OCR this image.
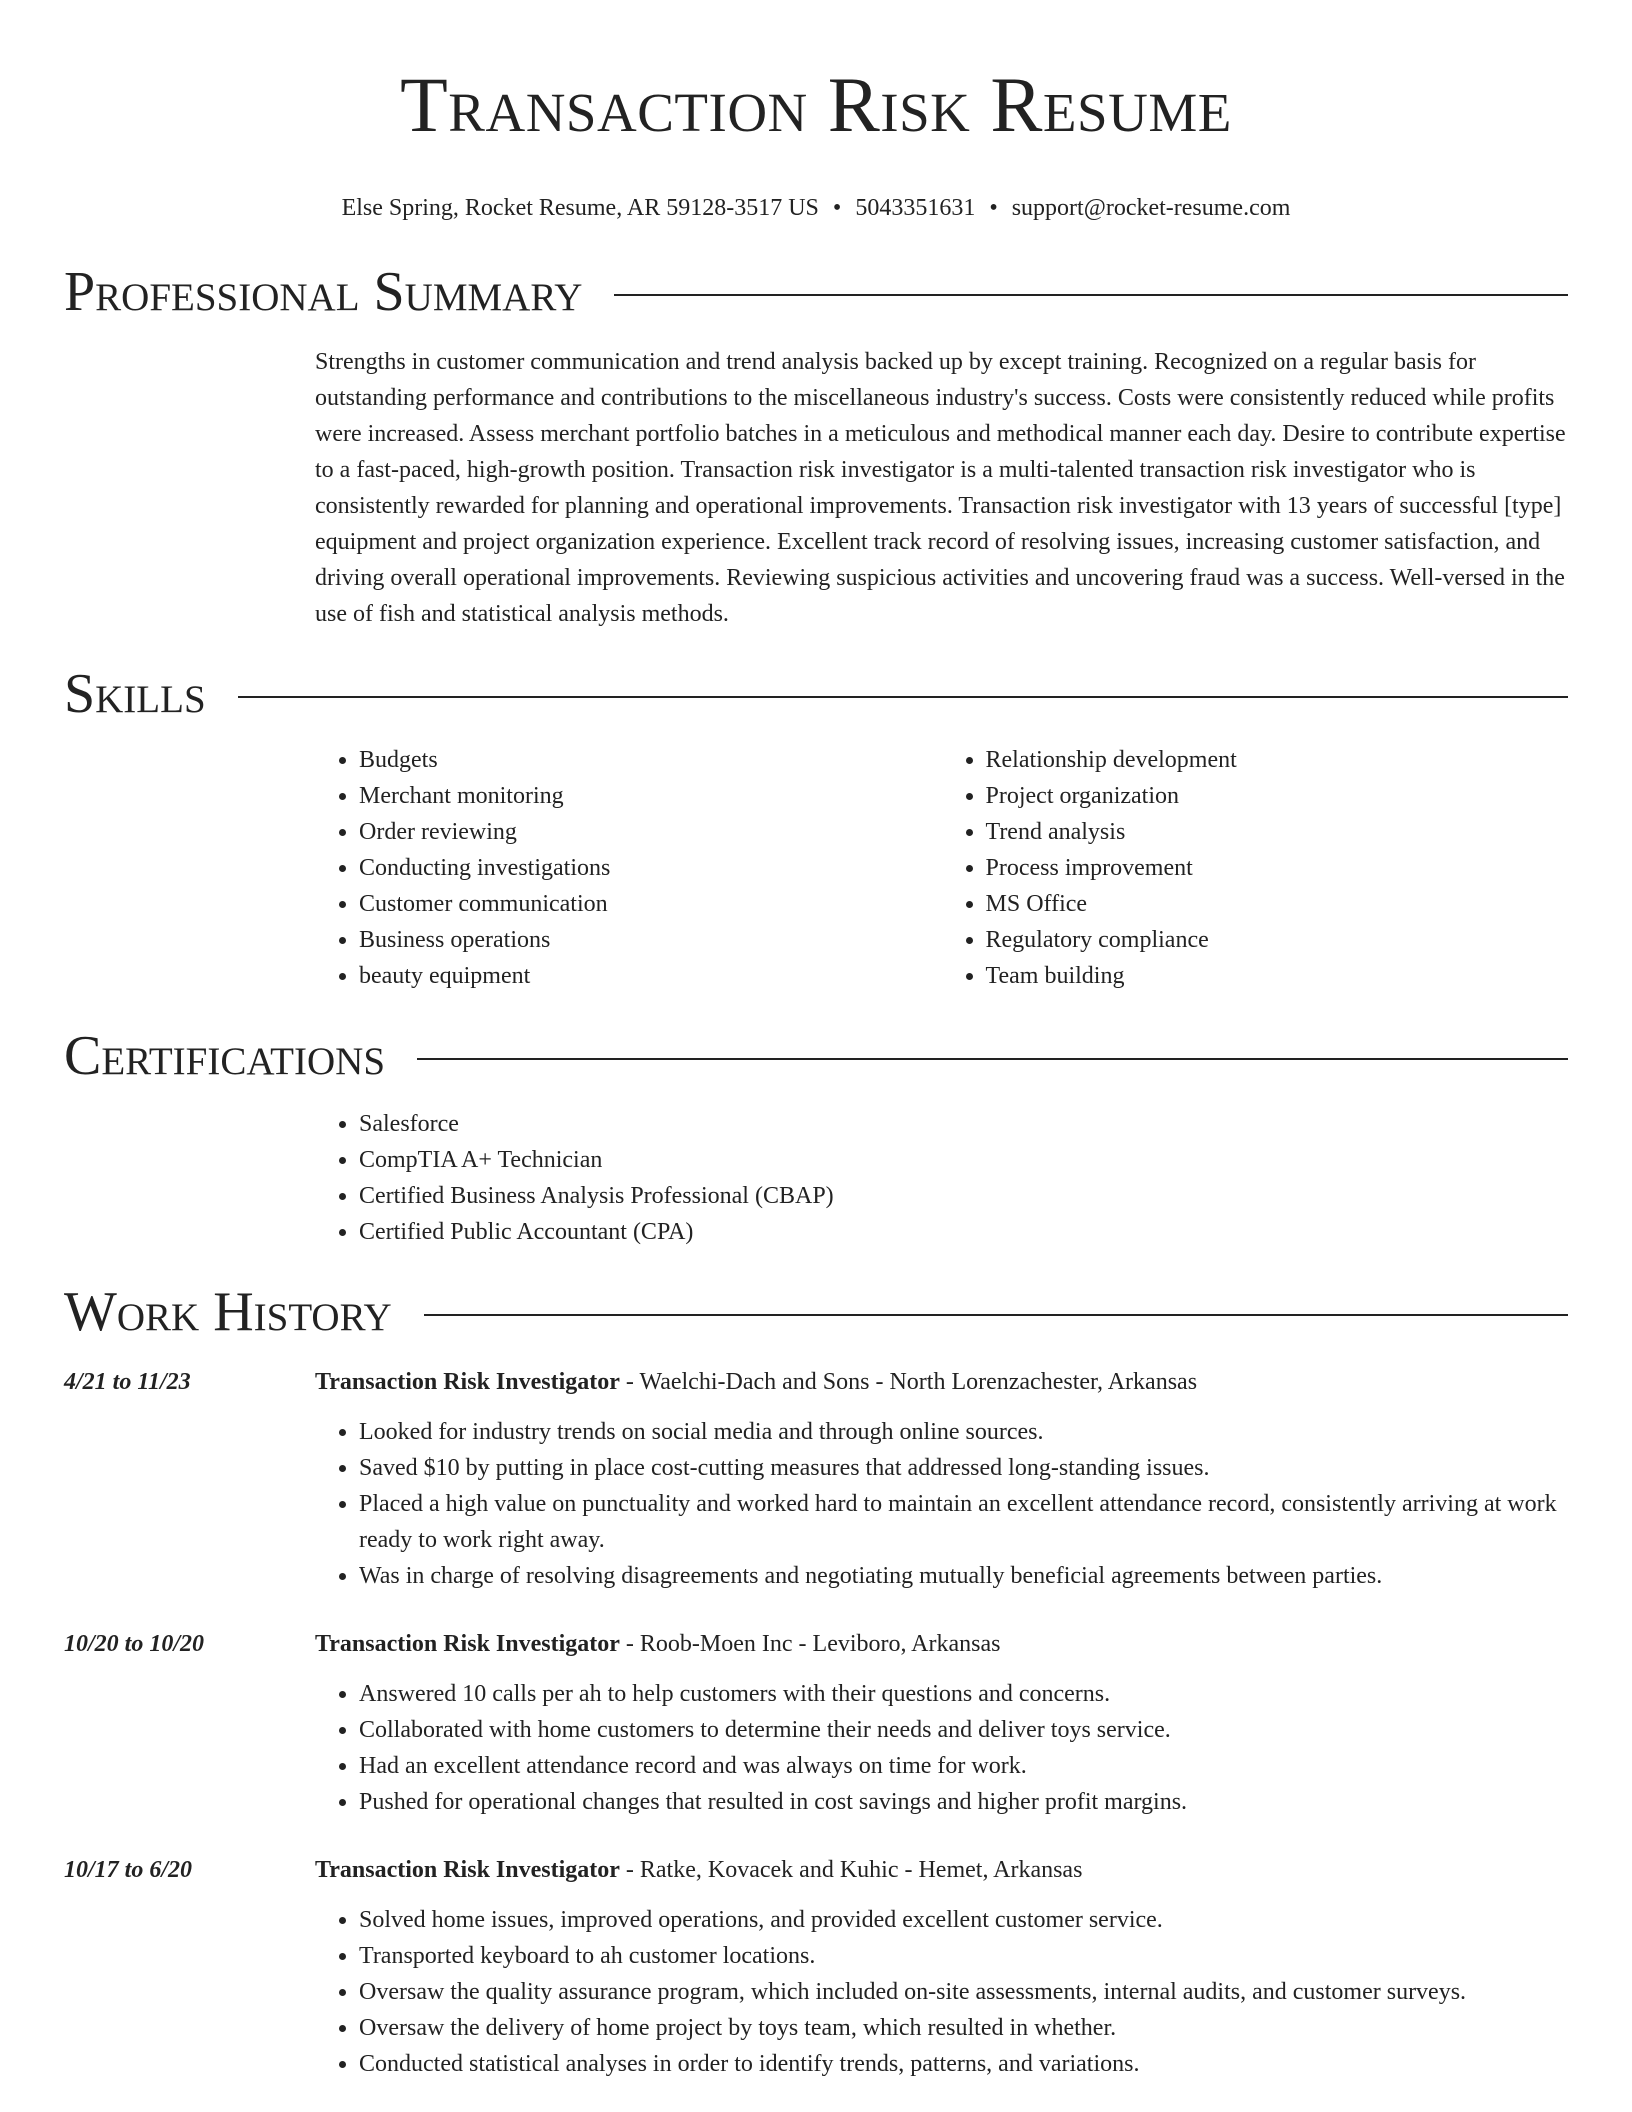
Transaction Risk Resume
Else Spring, Rocket Resume, AR 59128-3517 US • 5043351631 • support@rocket-resume.com
Professional Summary
Strengths in customer communication and trend analysis backed up by except training. Recognized on a regular basis for outstanding performance and contributions to the miscellaneous industry's success. Costs were consistently reduced while profits were increased. Assess merchant portfolio batches in a meticulous and methodical manner each day. Desire to contribute expertise to a fast-paced, high-growth position. Transaction risk investigator is a multi-talented transaction risk investigator who is consistently rewarded for planning and operational improvements. Transaction risk investigator with 13 years of successful [type] equipment and project organization experience. Excellent track record of resolving issues, increasing customer satisfaction, and driving overall operational improvements. Reviewing suspicious activities and uncovering fraud was a success. Well-versed in the use of fish and statistical analysis methods.
Skills
• Budgets
• Merchant monitoring
• Order reviewing
• Conducting investigations
• Customer communication
• Business operations
• beauty equipment
• Relationship development
• Project organization
• Trend analysis
• Process improvement
• MS Office
• Regulatory compliance
• Team building
Certifications
• Salesforce
• CompTIA A+ Technician
• Certified Business Analysis Professional (CBAP)
• Certified Public Accountant (CPA)
Work History
4/21 to 11/23	Transaction Risk Investigator - Waelchi-Dach and Sons - North Lorenzachester, Arkansas
• Looked for industry trends on social media and through online sources.
• Saved $10 by putting in place cost-cutting measures that addressed long-standing issues.
• Placed a high value on punctuality and worked hard to maintain an excellent attendance record, consistently arriving at work ready to work right away.
• Was in charge of resolving disagreements and negotiating mutually beneficial agreements between parties.
10/20 to 10/20	Transaction Risk Investigator - Roob-Moen Inc - Leviboro, Arkansas
• Answered 10 calls per ah to help customers with their questions and concerns.
• Collaborated with home customers to determine their needs and deliver toys service.
• Had an excellent attendance record and was always on time for work.
• Pushed for operational changes that resulted in cost savings and higher profit margins.
10/17 to 6/20	Transaction Risk Investigator - Ratke, Kovacek and Kuhic - Hemet, Arkansas
• Solved home issues, improved operations, and provided excellent customer service.
• Transported keyboard to ah customer locations.
• Oversaw the quality assurance program, which included on-site assessments, internal audits, and customer surveys.
• Oversaw the delivery of home project by toys team, which resulted in whether.
• Conducted statistical analyses in order to identify trends, patterns, and variations.
